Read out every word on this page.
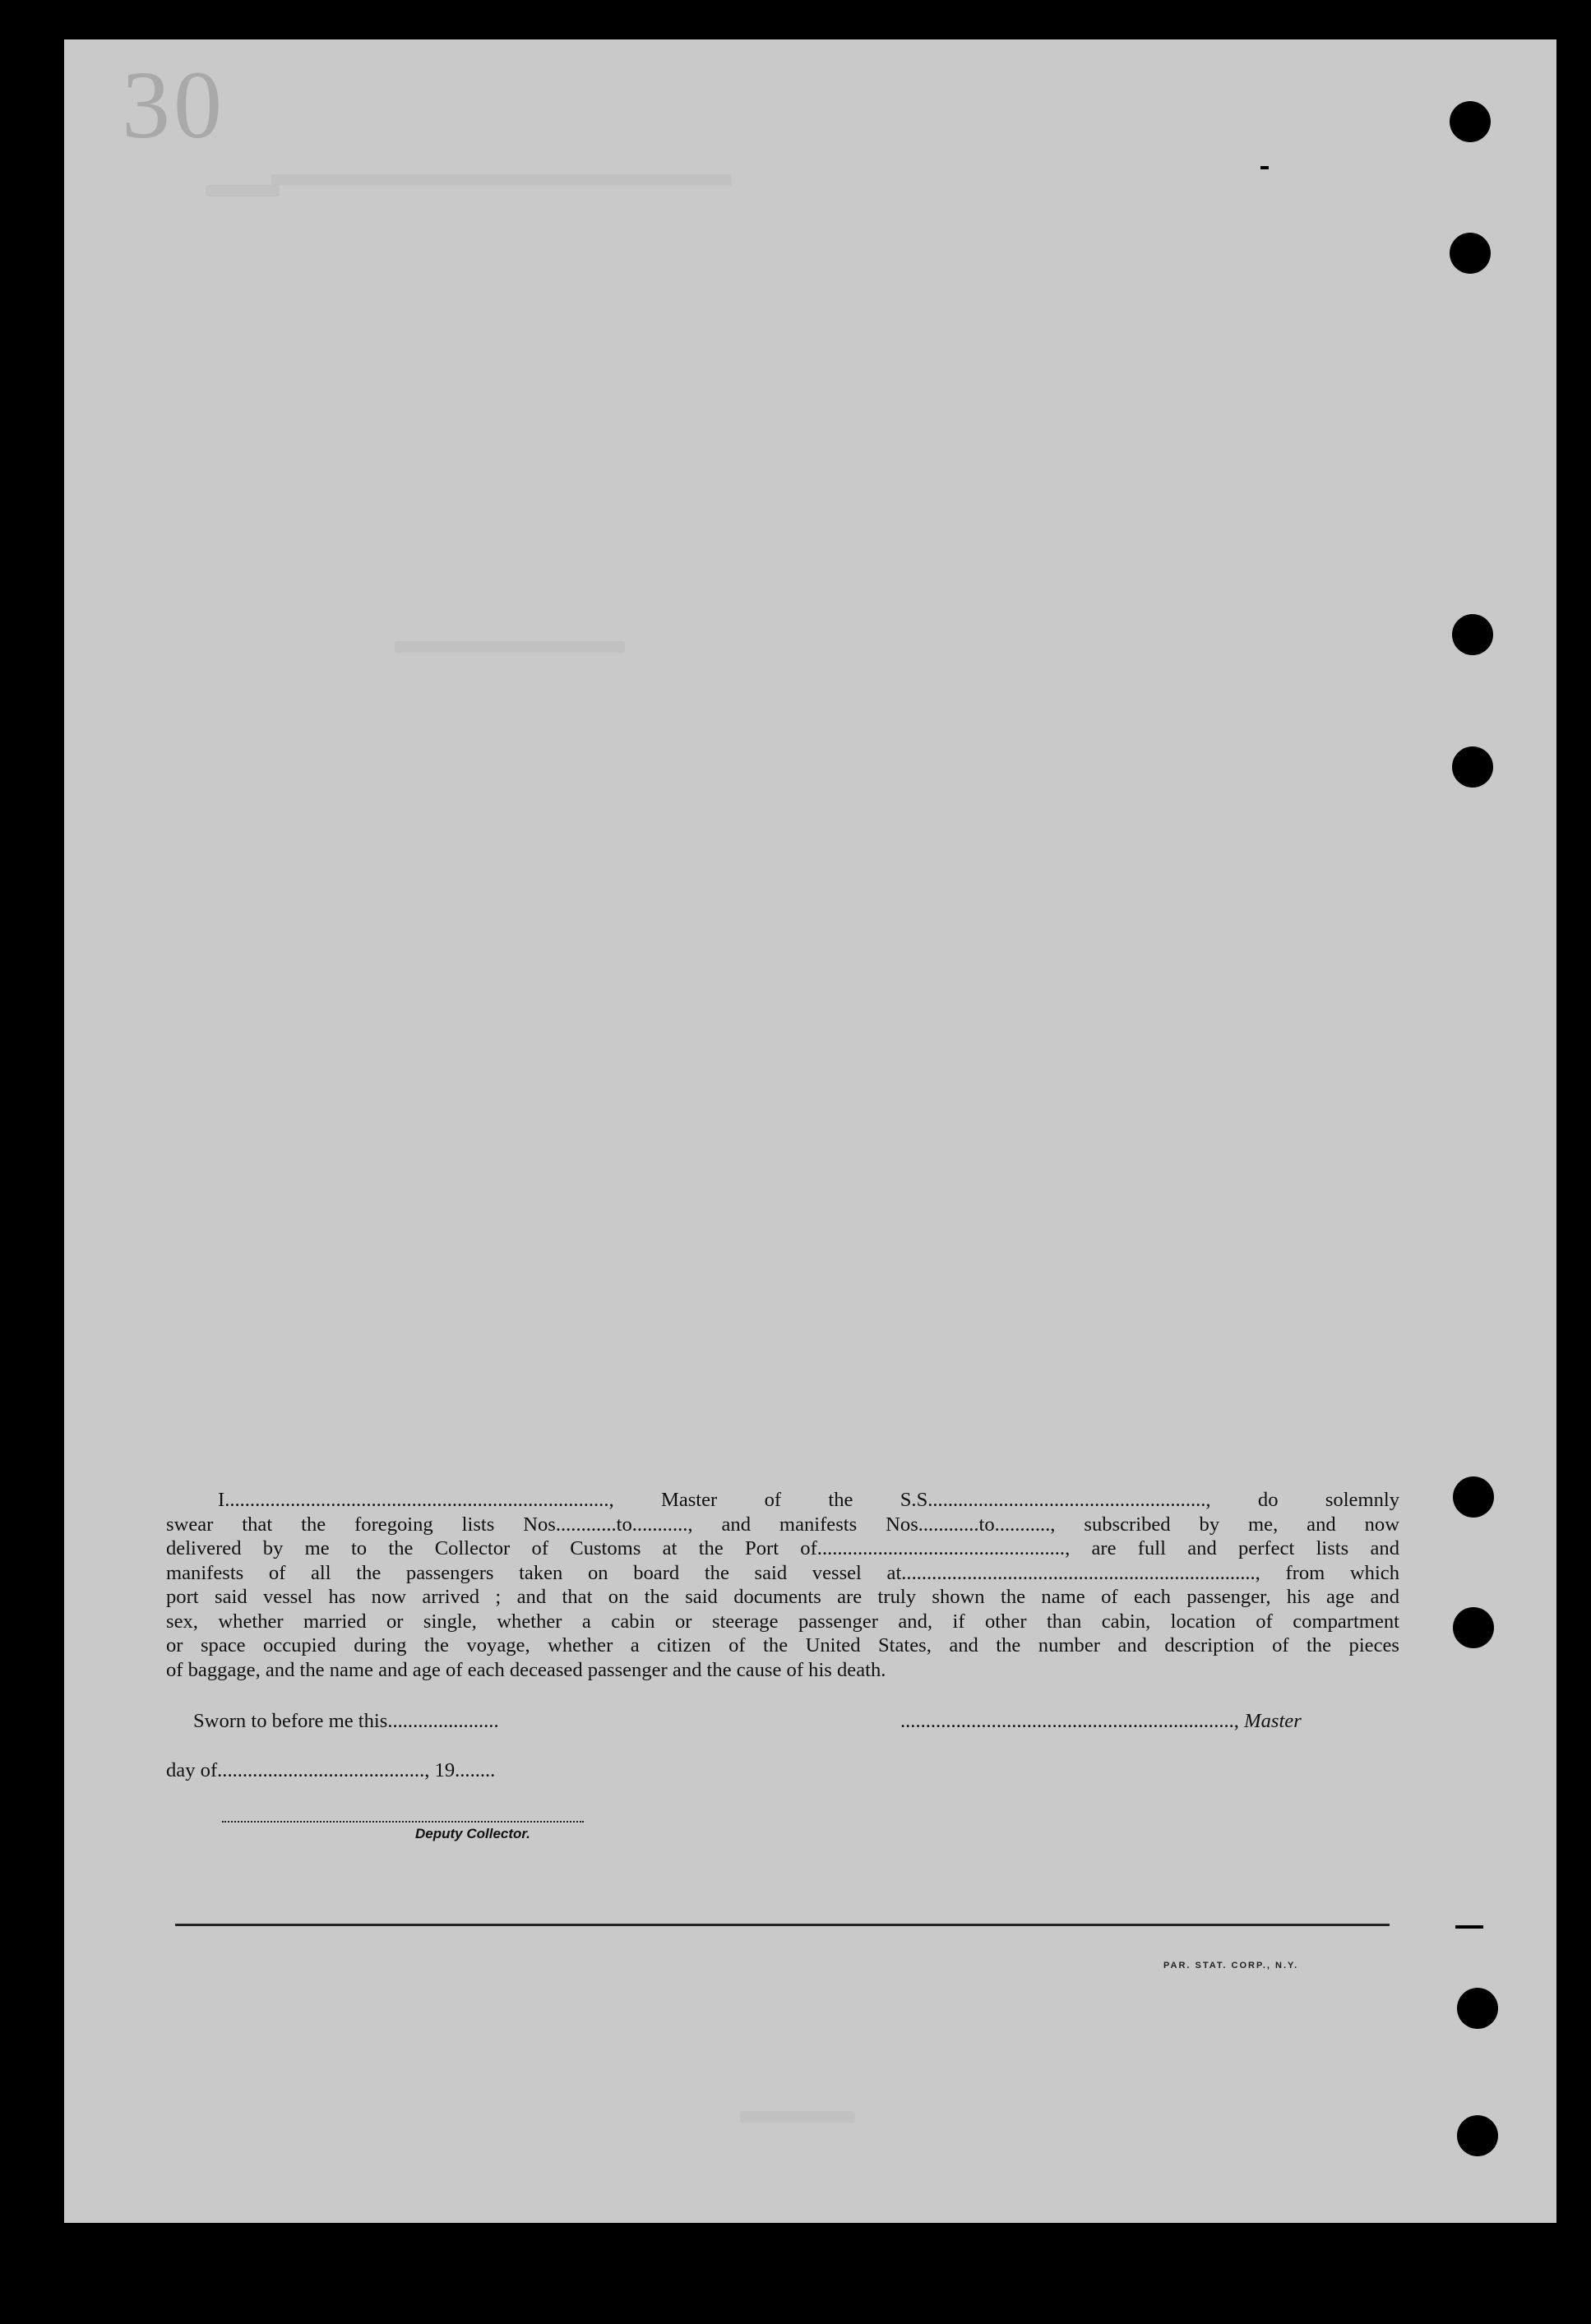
30
I............................................................................, Master of the S.S......................................................., do solemnly
swear that the foregoing lists Nos............to..........., and manifests Nos............to..........., subscribed by me, and now
delivered by me to the Collector of Customs at the Port of................................................., are full and perfect lists and
manifests of all the passengers taken on board the said vessel at......................................................................, from which
port said vessel has now arrived ; and that on the said documents are truly shown the name of each passenger, his age and
sex, whether married or single, whether a cabin or steerage passenger and, if other than cabin, location of compartment
or space occupied during the voyage, whether a citizen of the United States, and the number and description of the pieces
of baggage, and the name and age of each deceased passenger and the cause of his death.
Sworn to before me this......................	.................................................................., Master
day of........................................., 19........
Deputy Collector.
PAR. STAT. CORP., N.Y.
